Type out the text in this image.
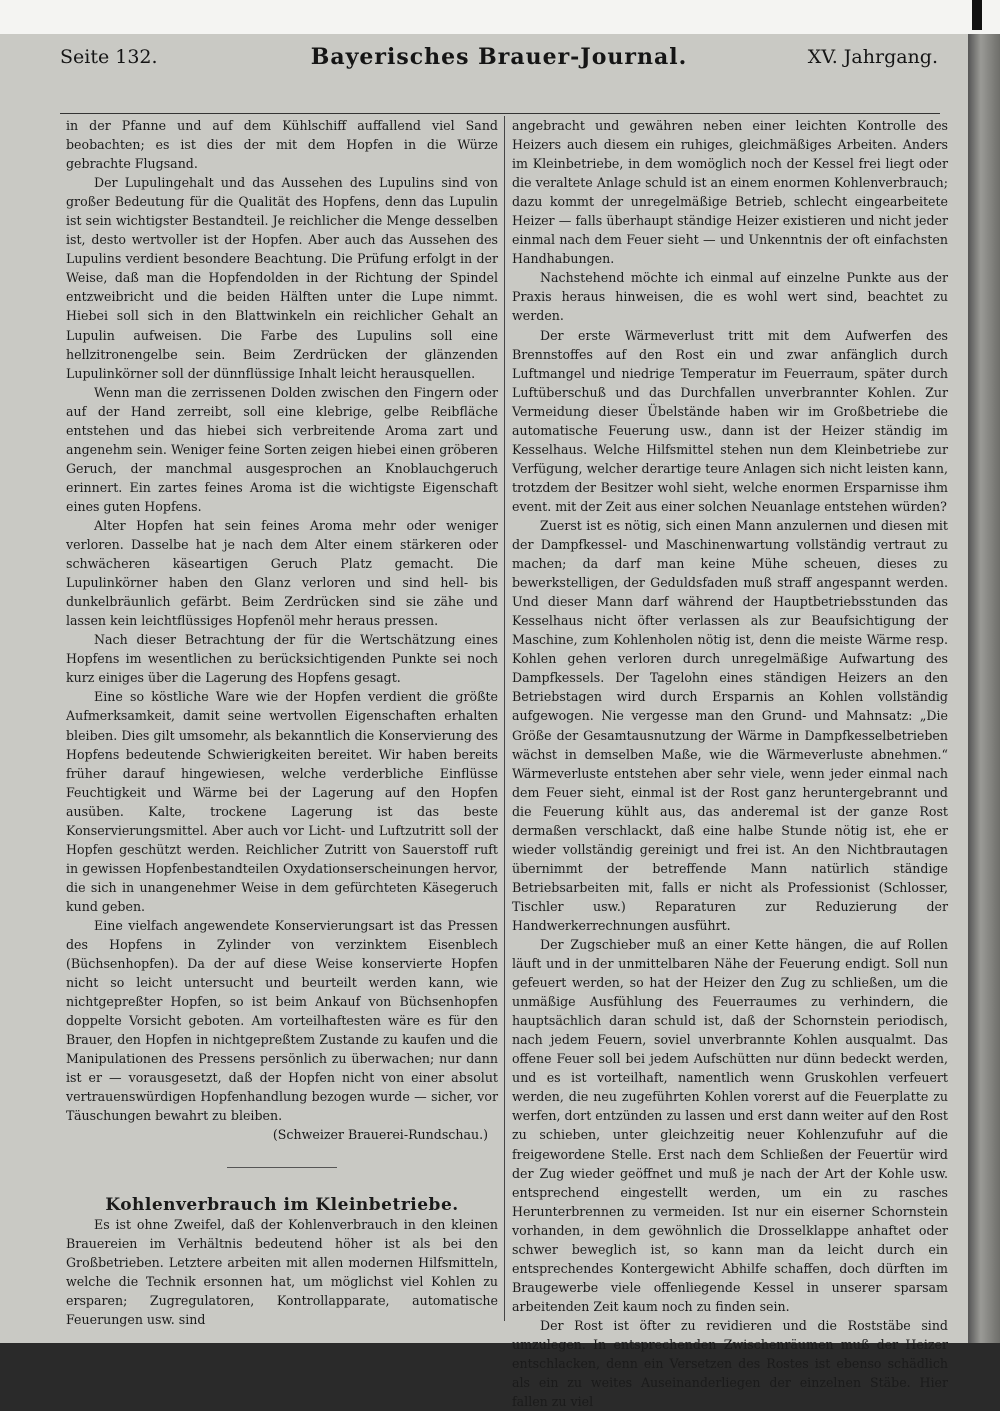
Seite 132.	Bayerisches Brauer-Journal.	XV. Jahrgang.

in der Pfanne und auf dem Kühlschiff auffallend viel Sand beobachten; es ist dies der mit dem Hopfen in die Würze gebrachte Flugsand.

Der Lupulingehalt und das Aussehen des Lupulins sind von großer Bedeutung für die Qualität des Hopfens, denn das Lupulin ist sein wichtigster Bestandteil. Je reichlicher die Menge desselben ist, desto wertvoller ist der Hopfen. Aber auch das Aussehen des Lupulins verdient besondere Beachtung. Die Prüfung erfolgt in der Weise, daß man die Hopfendolden in der Richtung der Spindel entzweibricht und die beiden Hälften unter die Lupe nimmt. Hiebei soll sich in den Blattwinkeln ein reichlicher Gehalt an Lupulin aufweisen. Die Farbe des Lupulins soll eine hellzitronengelbe sein. Beim Zerdrücken der glänzenden Lupulinkörner soll der dünnflüssige Inhalt leicht herausquellen.

Wenn man die zerrissenen Dolden zwischen den Fingern oder auf der Hand zerreibt, soll eine klebrige, gelbe Reibfläche entstehen und das hiebei sich verbreitende Aroma zart und angenehm sein. Weniger feine Sorten zeigen hiebei einen gröberen Geruch, der manchmal ausgesprochen an Knoblauchgeruch erinnert. Ein zartes feines Aroma ist die wichtigste Eigenschaft eines guten Hopfens.

Alter Hopfen hat sein feines Aroma mehr oder weniger verloren. Dasselbe hat je nach dem Alter einem stärkeren oder schwächeren käseartigen Geruch Platz gemacht. Die Lupulinkörner haben den Glanz verloren und sind hell- bis dunkelbräunlich gefärbt. Beim Zerdrücken sind sie zähe und lassen kein leichtflüssiges Hopfenöl mehr heraus pressen.

Nach dieser Betrachtung der für die Wertschätzung eines Hopfens im wesentlichen zu berücksichtigenden Punkte sei noch kurz einiges über die Lagerung des Hopfens gesagt.

Eine so köstliche Ware wie der Hopfen verdient die größte Aufmerksamkeit, damit seine wertvollen Eigenschaften erhalten bleiben. Dies gilt umsomehr, als bekanntlich die Konservierung des Hopfens bedeutende Schwierigkeiten bereitet. Wir haben bereits früher darauf hingewiesen, welche verderbliche Einflüsse Feuchtigkeit und Wärme bei der Lagerung auf den Hopfen ausüben. Kalte, trockene Lagerung ist das beste Konservierungsmittel. Aber auch vor Licht- und Luftzutritt soll der Hopfen geschützt werden. Reichlicher Zutritt von Sauerstoff ruft in gewissen Hopfenbestandteilen Oxydationserscheinungen hervor, die sich in unangenehmer Weise in dem gefürchteten Käsegeruch kund geben.

Eine vielfach angewendete Konservierungsart ist das Pressen des Hopfens in Zylinder von verzinktem Eisenblech (Büchsenhopfen). Da der auf diese Weise konservierte Hopfen nicht so leicht untersucht und beurteilt werden kann, wie nichtgepreßter Hopfen, so ist beim Ankauf von Büchsenhopfen doppelte Vorsicht geboten. Am vorteilhaftesten wäre es für den Brauer, den Hopfen in nichtgepreßtem Zustande zu kaufen und die Manipulationen des Pressens persönlich zu überwachen; nur dann ist er — vorausgesetzt, daß der Hopfen nicht von einer absolut vertrauenswürdigen Hopfenhandlung bezogen wurde — sicher, vor Täuschungen bewahrt zu bleiben.

(Schweizer Brauerei-Rundschau.)

Kohlenverbrauch im Kleinbetriebe.

Es ist ohne Zweifel, daß der Kohlenverbrauch in den kleinen Brauereien im Verhältnis bedeutend höher ist als bei den Großbetrieben. Letztere arbeiten mit allen modernen Hilfsmitteln, welche die Technik ersonnen hat, um möglichst viel Kohlen zu ersparen; Zugregulatoren, Kontrollapparate, automatische Feuerungen usw. sind

angebracht und gewähren neben einer leichten Kontrolle des Heizers auch diesem ein ruhiges, gleichmäßiges Arbeiten. Anders im Kleinbetriebe, in dem womöglich noch der Kessel frei liegt oder die veraltete Anlage schuld ist an einem enormen Kohlenverbrauch; dazu kommt der unregelmäßige Betrieb, schlecht eingearbeitete Heizer — falls überhaupt ständige Heizer existieren und nicht jeder einmal nach dem Feuer sieht — und Unkenntnis der oft einfachsten Handhabungen.

Nachstehend möchte ich einmal auf einzelne Punkte aus der Praxis heraus hinweisen, die es wohl wert sind, beachtet zu werden.

Der erste Wärmeverlust tritt mit dem Aufwerfen des Brennstoffes auf den Rost ein und zwar anfänglich durch Luftmangel und niedrige Temperatur im Feuerraum, später durch Luftüberschuß und das Durchfallen unverbrannter Kohlen. Zur Vermeidung dieser Übelstände haben wir im Großbetriebe die automatische Feuerung usw., dann ist der Heizer ständig im Kesselhaus. Welche Hilfsmittel stehen nun dem Kleinbetriebe zur Verfügung, welcher derartige teure Anlagen sich nicht leisten kann, trotzdem der Besitzer wohl sieht, welche enormen Ersparnisse ihm event. mit der Zeit aus einer solchen Neuanlage entstehen würden?

Zuerst ist es nötig, sich einen Mann anzulernen und diesen mit der Dampfkessel- und Maschinenwartung vollständig vertraut zu machen; da darf man keine Mühe scheuen, dieses zu bewerkstelligen, der Geduldsfaden muß straff angespannt werden. Und dieser Mann darf während der Hauptbetriebsstunden das Kesselhaus nicht öfter verlassen als zur Beaufsichtigung der Maschine, zum Kohlenholen nötig ist, denn die meiste Wärme resp. Kohlen gehen verloren durch unregelmäßige Aufwartung des Dampfkessels. Der Tagelohn eines ständigen Heizers an den Betriebstagen wird durch Ersparnis an Kohlen vollständig aufgewogen. Nie vergesse man den Grund- und Mahnsatz: „Die Größe der Gesamtausnutzung der Wärme in Dampfkesselbetrieben wächst in demselben Maße, wie die Wärmeverluste abnehmen.“ Wärmeverluste entstehen aber sehr viele, wenn jeder einmal nach dem Feuer sieht, einmal ist der Rost ganz heruntergebrannt und die Feuerung kühlt aus, das anderemal ist der ganze Rost dermaßen verschlackt, daß eine halbe Stunde nötig ist, ehe er wieder vollständig gereinigt und frei ist. An den Nichtbrautagen übernimmt der betreffende Mann natürlich ständige Betriebsarbeiten mit, falls er nicht als Professionist (Schlosser, Tischler usw.) Reparaturen zur Reduzierung der Handwerkerrechnungen ausführt.

Der Zugschieber muß an einer Kette hängen, die auf Rollen läuft und in der unmittelbaren Nähe der Feuerung endigt. Soll nun gefeuert werden, so hat der Heizer den Zug zu schließen, um die unmäßige Ausfühlung des Feuerraumes zu verhindern, die hauptsächlich daran schuld ist, daß der Schornstein periodisch, nach jedem Feuern, soviel unverbrannte Kohlen ausqualmt. Das offene Feuer soll bei jedem Aufschütten nur dünn bedeckt werden, und es ist vorteilhaft, namentlich wenn Gruskohlen verfeuert werden, die neu zugeführten Kohlen vorerst auf die Feuerplatte zu werfen, dort entzünden zu lassen und erst dann weiter auf den Rost zu schieben, unter gleichzeitig neuer Kohlenzufuhr auf die freigewordene Stelle. Erst nach dem Schließen der Feuertür wird der Zug wieder geöffnet und muß je nach der Art der Kohle usw. entsprechend eingestellt werden, um ein zu rasches Herunterbrennen zu vermeiden. Ist nur ein eiserner Schornstein vorhanden, in dem gewöhnlich die Drosselklappe anhaftet oder schwer beweglich ist, so kann man da leicht durch ein entsprechendes Kontergewicht Abhilfe schaffen, doch dürften im Braugewerbe viele offenliegende Kessel in unserer sparsam arbeitenden Zeit kaum noch zu finden sein.

Der Rost ist öfter zu revidieren und die Roststäbe sind umzulegen. In entsprechenden Zwischenräumen muß der Heizer entschlacken, denn ein Versetzen des Rostes ist ebenso schädlich als ein zu weites Auseinanderliegen der einzelnen Stäbe. Hier fallen zu viel
